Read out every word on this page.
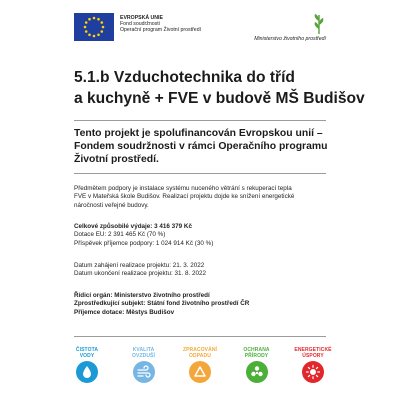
EVROPSKÁ UNIE
Fond soudržnosti
Operační program Životní prostředí
Ministerstvo životního prostředí
5.1.b Vzduchotechnika do tříd
a kuchyně + FVE v budově MŠ Budišov
Tento projekt je spolufinancován Evropskou unií –
Fondem soudržnosti v rámci Operačního programu
Životní prostředí.
Předmětem podpory je instalace systému nuceného větrání s rekuperací tepla
FVE v Mateřská škole Budišov. Realizací projektu dojde ke snížení energetické
náročnosti veřejné budovy.
Celkové způsobilé výdaje: 3 416 379 Kč
Dotace EU: 2 391 465 Kč (70 %)
Příspěvek příjemce podpory: 1 024 914 Kč (30 %)
Datum zahájení realizace projektu: 21. 3. 2022
Datum ukončení realizace projektu: 31. 8. 2022
Řídicí orgán: Ministerstvo životního prostředí
Zprostředkující subjekt: Státní fond životního prostředí ČR
Příjemce dotace: Městys Budišov
ČISTOTA
VODY
KVALITA
OVZDUŠÍ
ZPRACOVÁNÍ
ODPADU
OCHRANA
PŘÍRODY
ENERGETICKÉ
ÚSPORY
